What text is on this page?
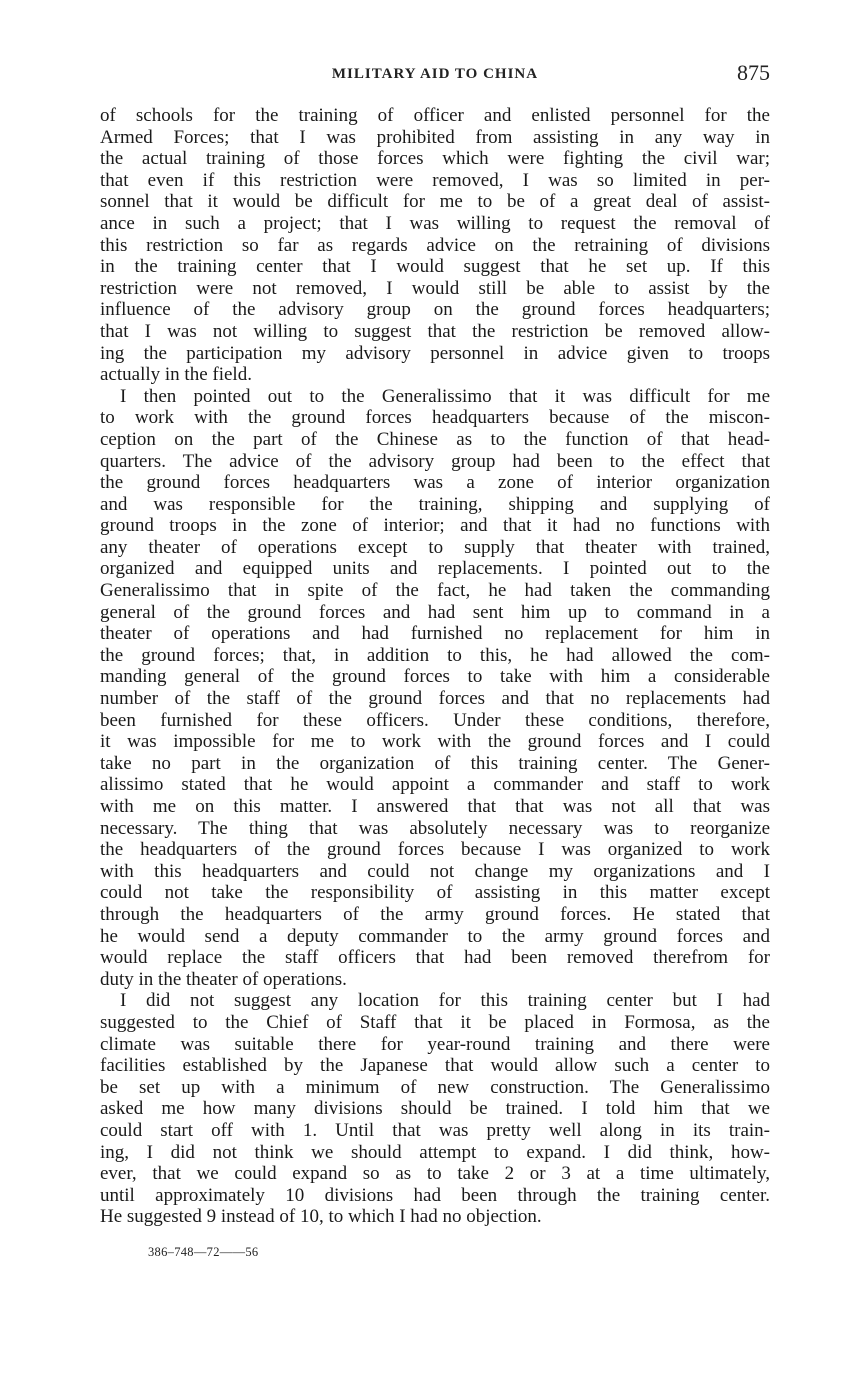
MILITARY AID TO CHINA	875
of schools for the training of officer and enlisted personnel for the
Armed Forces; that I was prohibited from assisting in any way in
the actual training of those forces which were fighting the civil war;
that even if this restriction were removed, I was so limited in per-
sonnel that it would be difficult for me to be of a great deal of assist-
ance in such a project; that I was willing to request the removal of
this restriction so far as regards advice on the retraining of divisions
in the training center that I would suggest that he set up. If this
restriction were not removed, I would still be able to assist by the
influence of the advisory group on the ground forces headquarters;
that I was not willing to suggest that the restriction be removed allow-
ing the participation my advisory personnel in advice given to troops
actually in the field.
I then pointed out to the Generalissimo that it was difficult for me
to work with the ground forces headquarters because of the miscon-
ception on the part of the Chinese as to the function of that head-
quarters. The advice of the advisory group had been to the effect that
the ground forces headquarters was a zone of interior organization
and was responsible for the training, shipping and supplying of
ground troops in the zone of interior; and that it had no functions with
any theater of operations except to supply that theater with trained,
organized and equipped units and replacements. I pointed out to the
Generalissimo that in spite of the fact, he had taken the commanding
general of the ground forces and had sent him up to command in a
theater of operations and had furnished no replacement for him in
the ground forces; that, in addition to this, he had allowed the com-
manding general of the ground forces to take with him a considerable
number of the staff of the ground forces and that no replacements had
been furnished for these officers. Under these conditions, therefore,
it was impossible for me to work with the ground forces and I could
take no part in the organization of this training center. The Gener-
alissimo stated that he would appoint a commander and staff to work
with me on this matter. I answered that that was not all that was
necessary. The thing that was absolutely necessary was to reorganize
the headquarters of the ground forces because I was organized to work
with this headquarters and could not change my organizations and I
could not take the responsibility of assisting in this matter except
through the headquarters of the army ground forces. He stated that
he would send a deputy commander to the army ground forces and
would replace the staff officers that had been removed therefrom for
duty in the theater of operations.
I did not suggest any location for this training center but I had
suggested to the Chief of Staff that it be placed in Formosa, as the
climate was suitable there for year-round training and there were
facilities established by the Japanese that would allow such a center to
be set up with a minimum of new construction. The Generalissimo
asked me how many divisions should be trained. I told him that we
could start off with 1. Until that was pretty well along in its train-
ing, I did not think we should attempt to expand. I did think, how-
ever, that we could expand so as to take 2 or 3 at a time ultimately,
until approximately 10 divisions had been through the training center.
He suggested 9 instead of 10, to which I had no objection.
386–748—72——56
